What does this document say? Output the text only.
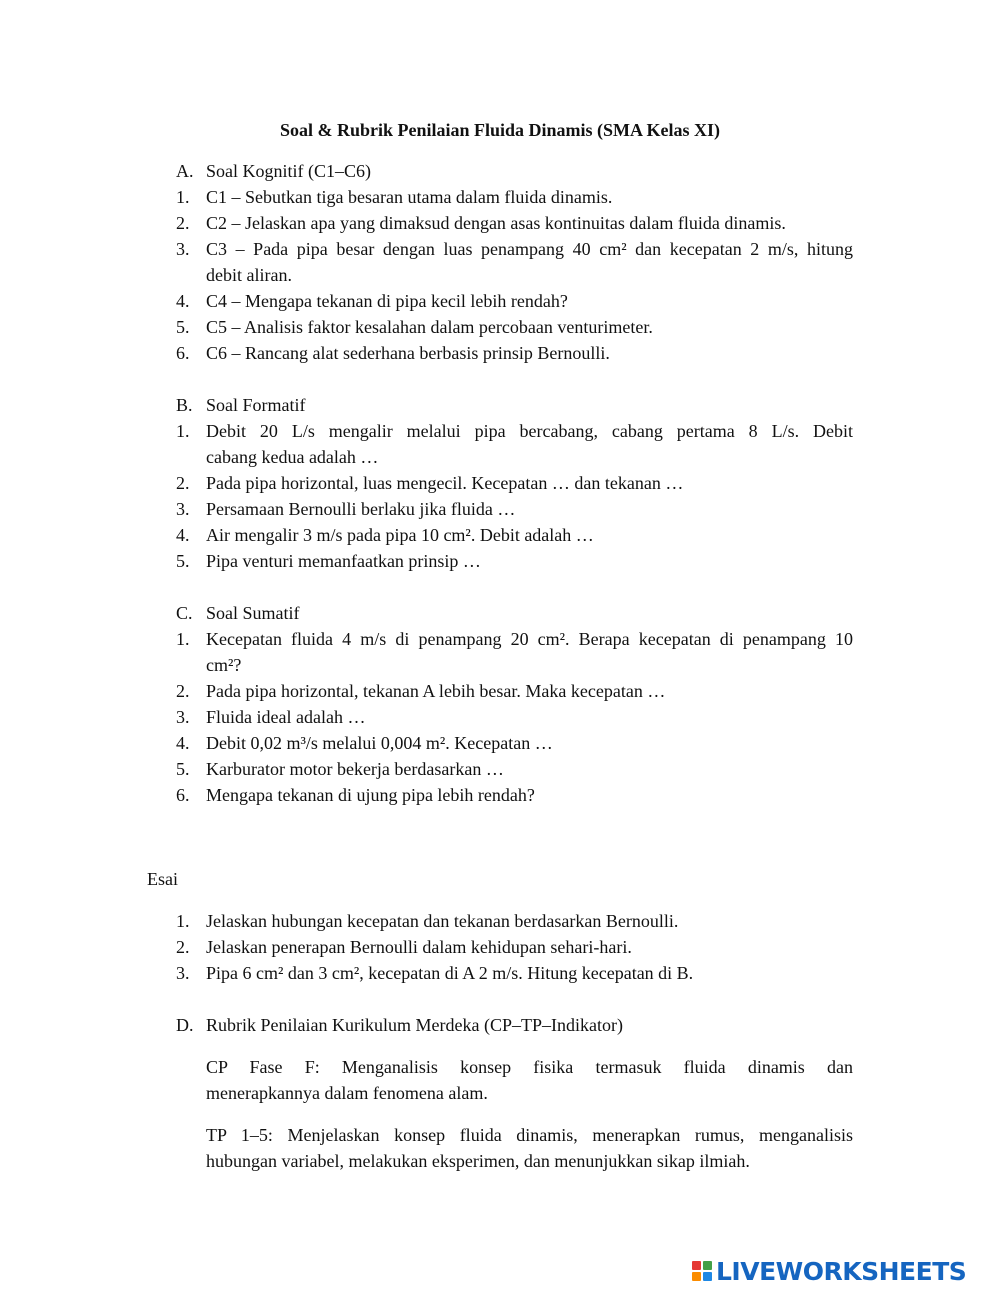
Soal & Rubrik Penilaian Fluida Dinamis (SMA Kelas XI)
A. Soal Kognitif (C1–C6)
1. C1 – Sebutkan tiga besaran utama dalam fluida dinamis.
2. C2 – Jelaskan apa yang dimaksud dengan asas kontinuitas dalam fluida dinamis.
3. C3 – Pada pipa besar dengan luas penampang 40 cm² dan kecepatan 2 m/s, hitung
debit aliran.
4. C4 – Mengapa tekanan di pipa kecil lebih rendah?
5. C5 – Analisis faktor kesalahan dalam percobaan venturimeter.
6. C6 – Rancang alat sederhana berbasis prinsip Bernoulli.
B. Soal Formatif
1. Debit 20 L/s mengalir melalui pipa bercabang, cabang pertama 8 L/s. Debit
cabang kedua adalah …
2. Pada pipa horizontal, luas mengecil. Kecepatan … dan tekanan …
3. Persamaan Bernoulli berlaku jika fluida …
4. Air mengalir 3 m/s pada pipa 10 cm². Debit adalah …
5. Pipa venturi memanfaatkan prinsip …
C. Soal Sumatif
1. Kecepatan fluida 4 m/s di penampang 20 cm². Berapa kecepatan di penampang 10
cm²?
2. Pada pipa horizontal, tekanan A lebih besar. Maka kecepatan …
3. Fluida ideal adalah …
4. Debit 0,02 m³/s melalui 0,004 m². Kecepatan …
5. Karburator motor bekerja berdasarkan …
6. Mengapa tekanan di ujung pipa lebih rendah?
Esai
1. Jelaskan hubungan kecepatan dan tekanan berdasarkan Bernoulli.
2. Jelaskan penerapan Bernoulli dalam kehidupan sehari-hari.
3. Pipa 6 cm² dan 3 cm², kecepatan di A 2 m/s. Hitung kecepatan di B.
D. Rubrik Penilaian Kurikulum Merdeka (CP–TP–Indikator)
CP Fase F: Menganalisis konsep fisika termasuk fluida dinamis dan
menerapkannya dalam fenomena alam.
TP 1–5: Menjelaskan konsep fluida dinamis, menerapkan rumus, menganalisis
hubungan variabel, melakukan eksperimen, dan menunjukkan sikap ilmiah.
LIVEWORKSHEETS
